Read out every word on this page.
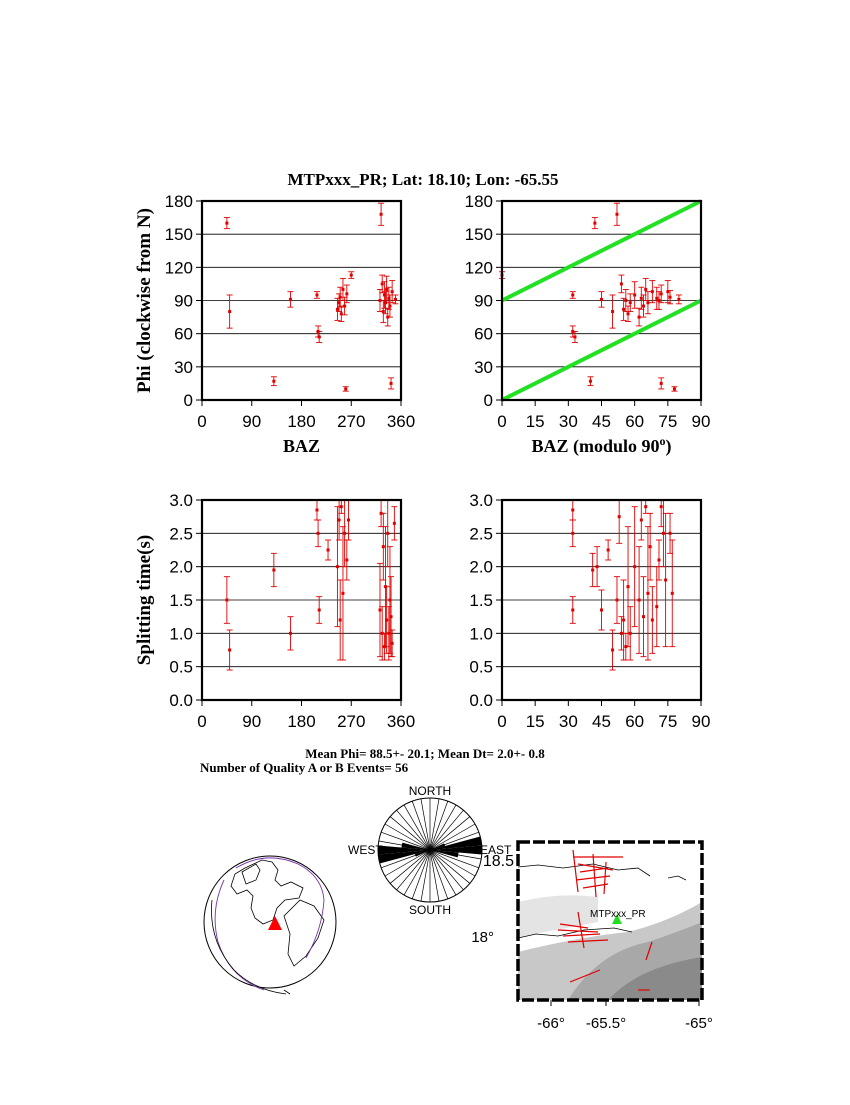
MTPxxx_PR; Lat: 18.10; Lon: -65.55
0
30
60
90
120
150
180
0 90 180 270 360
BAZ
Phi (clockwise from N)
0
30
60
90
120
150
180
0 15 30 45 60 75 90
BAZ (modulo 90$^o$)
0.0
0.5
1.0
1.5
2.0
2.5
3.0
0 90 180 270 360
Splitting time(s)
0.0
0.5
1.0
1.5
2.0
2.5
3.0
0 15 30 45 60 75 90
Mean Phi= 88.5+- 20.1; Mean Dt= 2.0+- 0.8
Number of Quality A or B Events= 56
NORTH
SOUTH
WEST	EAST
MTPxxx_PR
18.5
18°
-66° -65.5°	-65°
